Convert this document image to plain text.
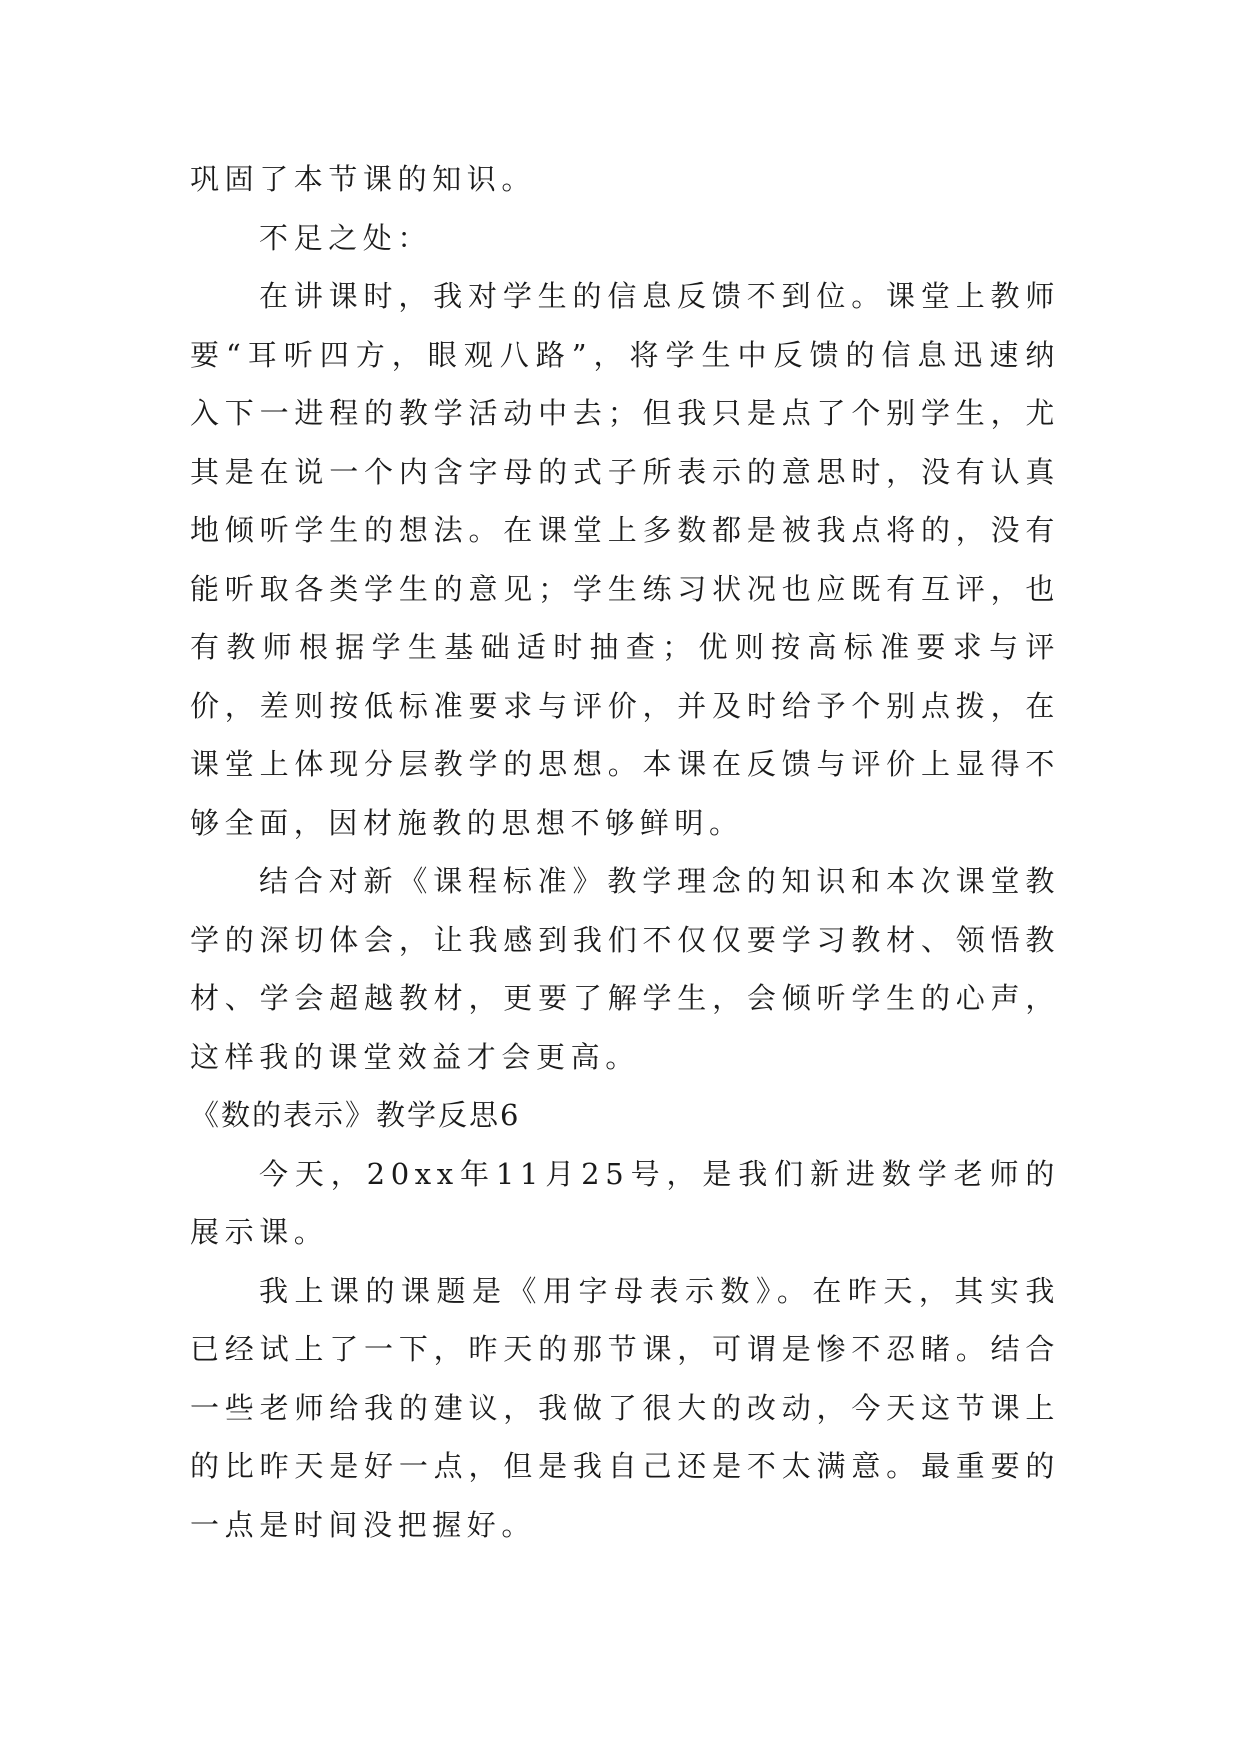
巩固了本节课的知识。

不足之处：

在讲课时，我对学生的信息反馈不到位。课堂上教师要“耳听四方，眼观八路”，将学生中反馈的信息迅速纳入下一进程的教学活动中去；但我只是点了个别学生，尤其是在说一个内含字母的式子所表示的意思时，没有认真地倾听学生的想法。在课堂上多数都是被我点将的，没有能听取各类学生的意见；学生练习状况也应既有互评，也有教师根据学生基础适时抽查；优则按高标准要求与评价，差则按低标准要求与评价，并及时给予个别点拨，在课堂上体现分层教学的思想。本课在反馈与评价上显得不够全面，因材施教的思想不够鲜明。

结合对新《课程标准》教学理念的知识和本次课堂教学的深切体会，让我感到我们不仅仅要学习教材、领悟教材、学会超越教材，更要了解学生，会倾听学生的心声，这样我的课堂效益才会更高。

《数的表示》教学反思6

今天，20xx年11月25号，是我们新进数学老师的展示课。

我上课的课题是《用字母表示数》。在昨天，其实我已经试上了一下，昨天的那节课，可谓是惨不忍睹。结合一些老师给我的建议，我做了很大的改动，今天这节课上的比昨天是好一点，但是我自己还是不太满意。最重要的一点是时间没把握好。
